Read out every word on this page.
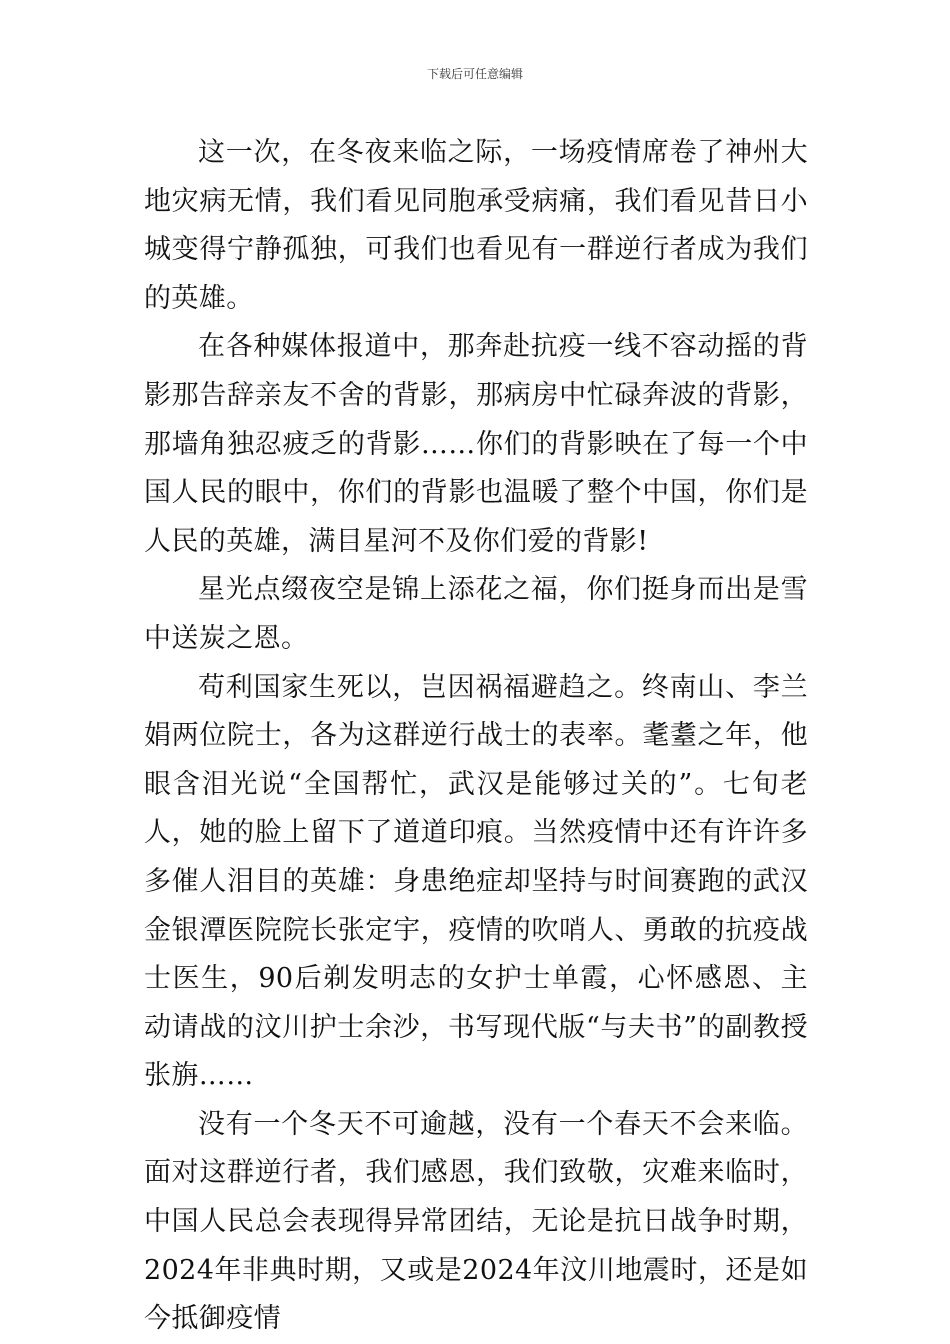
下载后可任意编辑

这一次，在冬夜来临之际，一场疫情席卷了神州大地灾病无情，我们看见同胞承受病痛，我们看见昔日小城变得宁静孤独，可我们也看见有一群逆行者成为我们的英雄。

在各种媒体报道中，那奔赴抗疫一线不容动摇的背影那告辞亲友不舍的背影，那病房中忙碌奔波的背影，那墙角独忍疲乏的背影……你们的背影映在了每一个中国人民的眼中，你们的背影也温暖了整个中国，你们是人民的英雄，满目星河不及你们爱的背影!

星光点缀夜空是锦上添花之福，你们挺身而出是雪中送炭之恩。

苟利国家生死以，岂因祸福避趋之。终南山、李兰娟两位院士，各为这群逆行战士的表率。耄耋之年，他眼含泪光说“全国帮忙，武汉是能够过关的”。七旬老人，她的脸上留下了道道印痕。当然疫情中还有许许多多催人泪目的英雄：身患绝症却坚持与时间赛跑的武汉金银潭医院院长张定宇，疫情的吹哨人、勇敢的抗疫战士医生，90后剃发明志的女护士单霞，心怀感恩、主动请战的汶川护士余沙，书写现代版“与夫书”的副教授张旃……

没有一个冬天不可逾越，没有一个春天不会来临。面对这群逆行者，我们感恩，我们致敬，灾难来临时，中国人民总会表现得异常团结，无论是抗日战争时期，2024年非典时期，又或是2024年汶川地震时，还是如今抵御疫情
